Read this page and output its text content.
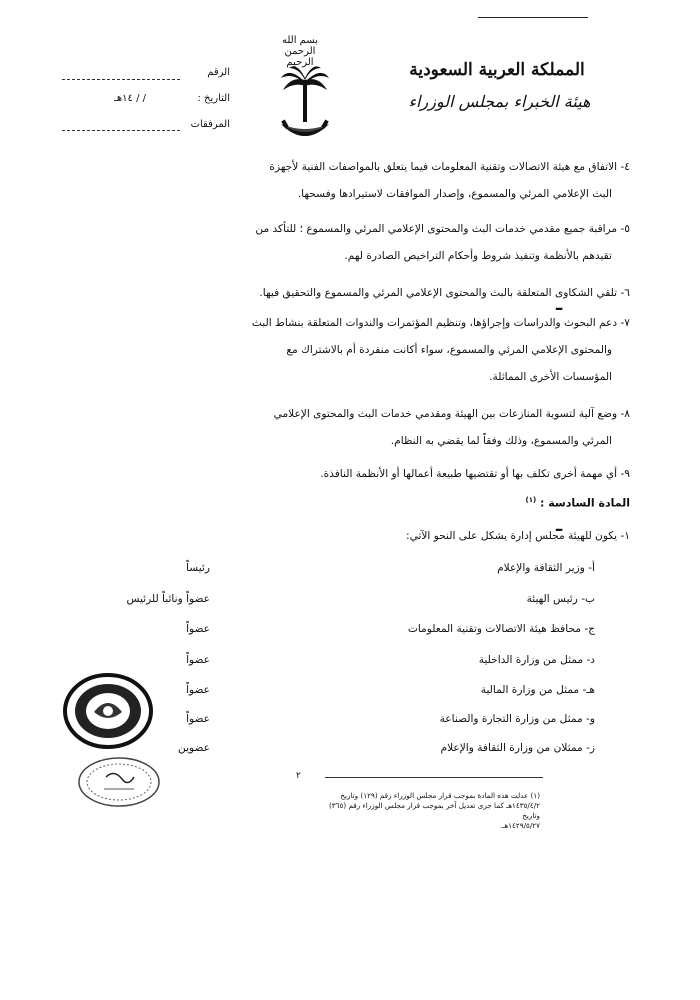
بسم الله الرحمن الرحيم	المملكة العربية السعودية
هيئة الخبراء بمجلس الوزراء
الرقم
التاريخ :
/ / ١٤هـ
المرفقات
٤- الاتفاق مع هيئة الاتصالات وتقنية المعلومات فيما يتعلق بالمواصفات الفنية لأجهزة
البث الإعلامي المرئي والمسموع، وإصدار الموافقات لاستيرادها وفسحها.
٥- مراقبة جميع مقدمي خدمات البث والمحتوى الإعلامي المرئي والمسموع ؛ للتأكد من
تقيدهم بالأنظمة وتنفيذ شروط وأحكام التراخيص الصادرة لهم.
٦- تلقي الشكاوى المتعلقة بالبث والمحتوى الإعلامي المرئي والمسموع والتحقيق فيها.
٧- دعم البحوث والدراسات وإجراؤها، وتنظيم المؤتمرات والندوات المتعلقة بنشاط البث
والمحتوى الإعلامي المرئي والمسموع، سواء أكانت منفردة أم بالاشتراك مع
المؤسسات الأخرى المماثلة.
٨- وضع آلية لتسوية المنازعات بين الهيئة ومقدمي خدمات البث والمحتوى الإعلامي
المرئي والمسموع، وذلك وفقاً لما يقضي به النظام.
٩- أي مهمة أخرى تكلف بها أو تقتضيها طبيعة أعمالها أو الأنظمة النافذة.
المادة السادسة : $^{(١)}$
١- يكون للهيئة مجلس إدارة يشكل على النحو الآتي:
أ- وزير الثقافة والإعلام
رئيساً
ب- رئيس الهيئة
عضواً ونائباً للرئيس
ج- محافظ هيئة الاتصالات وتقنية المعلومات
عضواً
د- ممثل من وزارة الداخلية
عضواً
هـ- ممثل من وزارة المالية
عضواً
و- ممثل من وزارة التجارة والصناعة
عضواً
ز- ممثلان من وزارة الثقافة والإعلام
عضوين
ـ
ـ
٢
(١) عدلت هذه المادة بموجب قرار مجلس الوزراء رقم (١٢٩) وتاريخ
١٤٣٥/٤/٢هـ كما جرى تعديل آخر بموجب قرار مجلس الوزراء رقم (٣٦٥) وتاريخ
١٤٢٩/٥/٢٧هـ.
